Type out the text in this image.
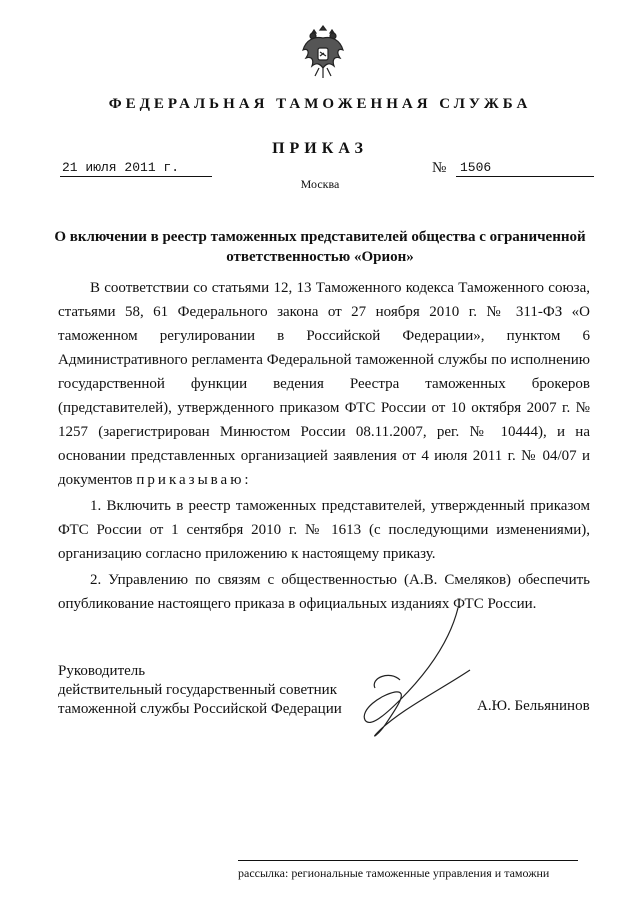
ФЕДЕРАЛЬНАЯ ТАМОЖЕННАЯ СЛУЖБА
ПРИКАЗ
21 июля 2011 г.	№	1506
Москва
О включении в реестр таможенных представителей общества с ограниченной ответственностью «Орион»

В соответствии со статьями 12, 13 Таможенного кодекса Таможенного союза, статьями 58, 61 Федерального закона от 27 ноября 2010 г. № 311-ФЗ «О таможенном регулировании в Российской Федерации», пунктом 6 Административного регламента Федеральной таможенной службы по исполнению государственной функции ведения Реестра таможенных брокеров (представителей), утвержденного приказом ФТС России от 10 октября 2007 г. № 1257 (зарегистрирован Минюстом России 08.11.2007, рег. № 10444), и на основании представленных организацией заявления от 4 июля 2011 г. № 04/07 и документов приказываю:

1. Включить в реестр таможенных представителей, утвержденный приказом ФТС России от 1 сентября 2010 г. № 1613 (с последующими изменениями), организацию согласно приложению к настоящему приказу.

2. Управлению по связям с общественностью (А.В. Смеляков) обеспечить опубликование настоящего приказа в официальных изданиях ФТС России.

Руководитель
действительный государственный советник
таможенной службы Российской Федерации	А.Ю. Бельянинов
рассылка: региональные таможенные управления и таможни
